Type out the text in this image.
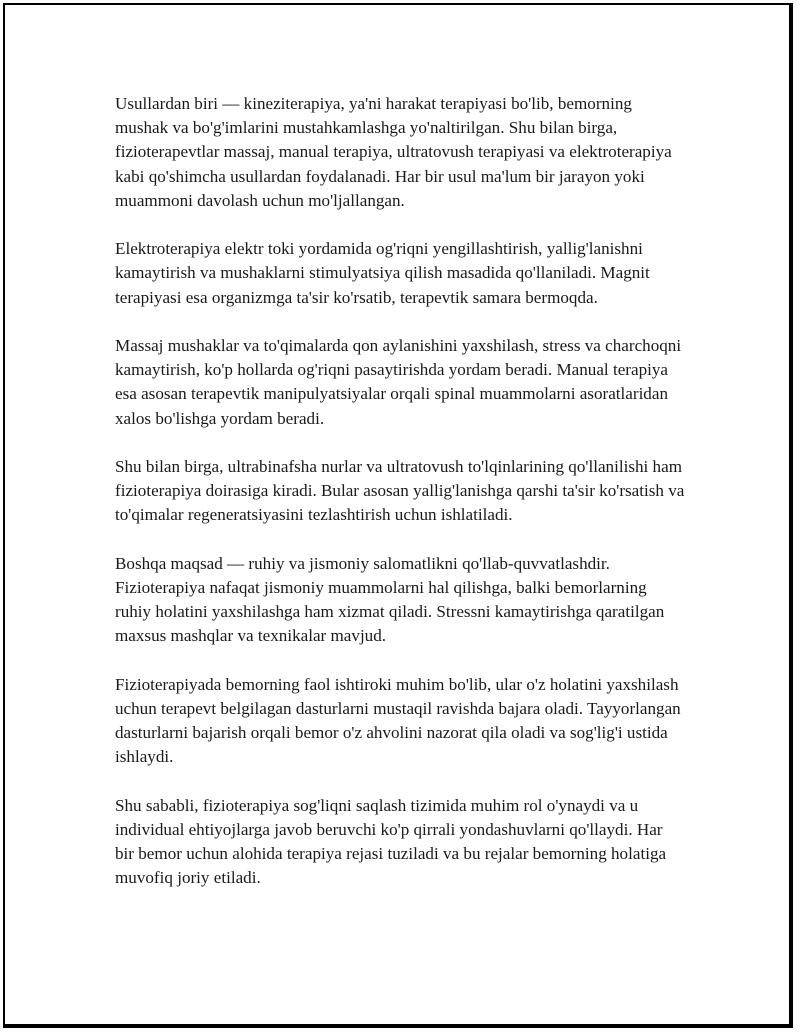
Usullardan biri — kineziterapiya, ya'ni harakat terapiyasi bo'lib, bemorning mushak va bo'g'imlarini mustahkamlashga yo'naltirilgan. Shu bilan birga, fizioterapevtlar massaj, manual terapiya, ultratovush terapiyasi va elektroterapiya kabi qo'shimcha usullardan foydalanadi. Har bir usul ma'lum bir jarayon yoki muammoni davolash uchun mo'ljallangan.

Elektroterapiya elektr toki yordamida og'riqni yengillashtirish, yallig'lanishni kamaytirish va mushaklarni stimulyatsiya qilish masadida qo'llaniladi. Magnit terapiyasi esa organizmga ta'sir ko'rsatib, terapevtik samara bermoqda.

Massaj mushaklar va to'qimalarda qon aylanishini yaxshilash, stress va charchoqni kamaytirish, ko'p hollarda og'riqni pasaytirishda yordam beradi. Manual terapiya esa asosan terapevtik manipulyatsiyalar orqali spinal muammolarni asoratlaridan xalos bo'lishga yordam beradi.

Shu bilan birga, ultrabinafsha nurlar va ultratovush to'lqinlarining qo'llanilishi ham fizioterapiya doirasiga kiradi. Bular asosan yallig'lanishga qarshi ta'sir ko'rsatish va to'qimalar regeneratsiyasini tezlashtirish uchun ishlatiladi.

Boshqa maqsad — ruhiy va jismoniy salomatlikni qo'llab-quvvatlashdir. Fizioterapiya nafaqat jismoniy muammolarni hal qilishga, balki bemorlarning ruhiy holatini yaxshilashga ham xizmat qiladi. Stressni kamaytirishga qaratilgan maxsus mashqlar va texnikalar mavjud.

Fizioterapiyada bemorning faol ishtiroki muhim bo'lib, ular o'z holatini yaxshilash uchun terapevt belgilagan dasturlarni mustaqil ravishda bajara oladi. Tayyorlangan dasturlarni bajarish orqali bemor o'z ahvolini nazorat qila oladi va sog'lig'i ustida ishlaydi.

Shu sababli, fizioterapiya sog'liqni saqlash tizimida muhim rol o'ynaydi va u individual ehtiyojlarga javob beruvchi ko'p qirrali yondashuvlarni qo'llaydi. Har bir bemor uchun alohida terapiya rejasi tuziladi va bu rejalar bemorning holatiga muvofiq joriy etiladi.
